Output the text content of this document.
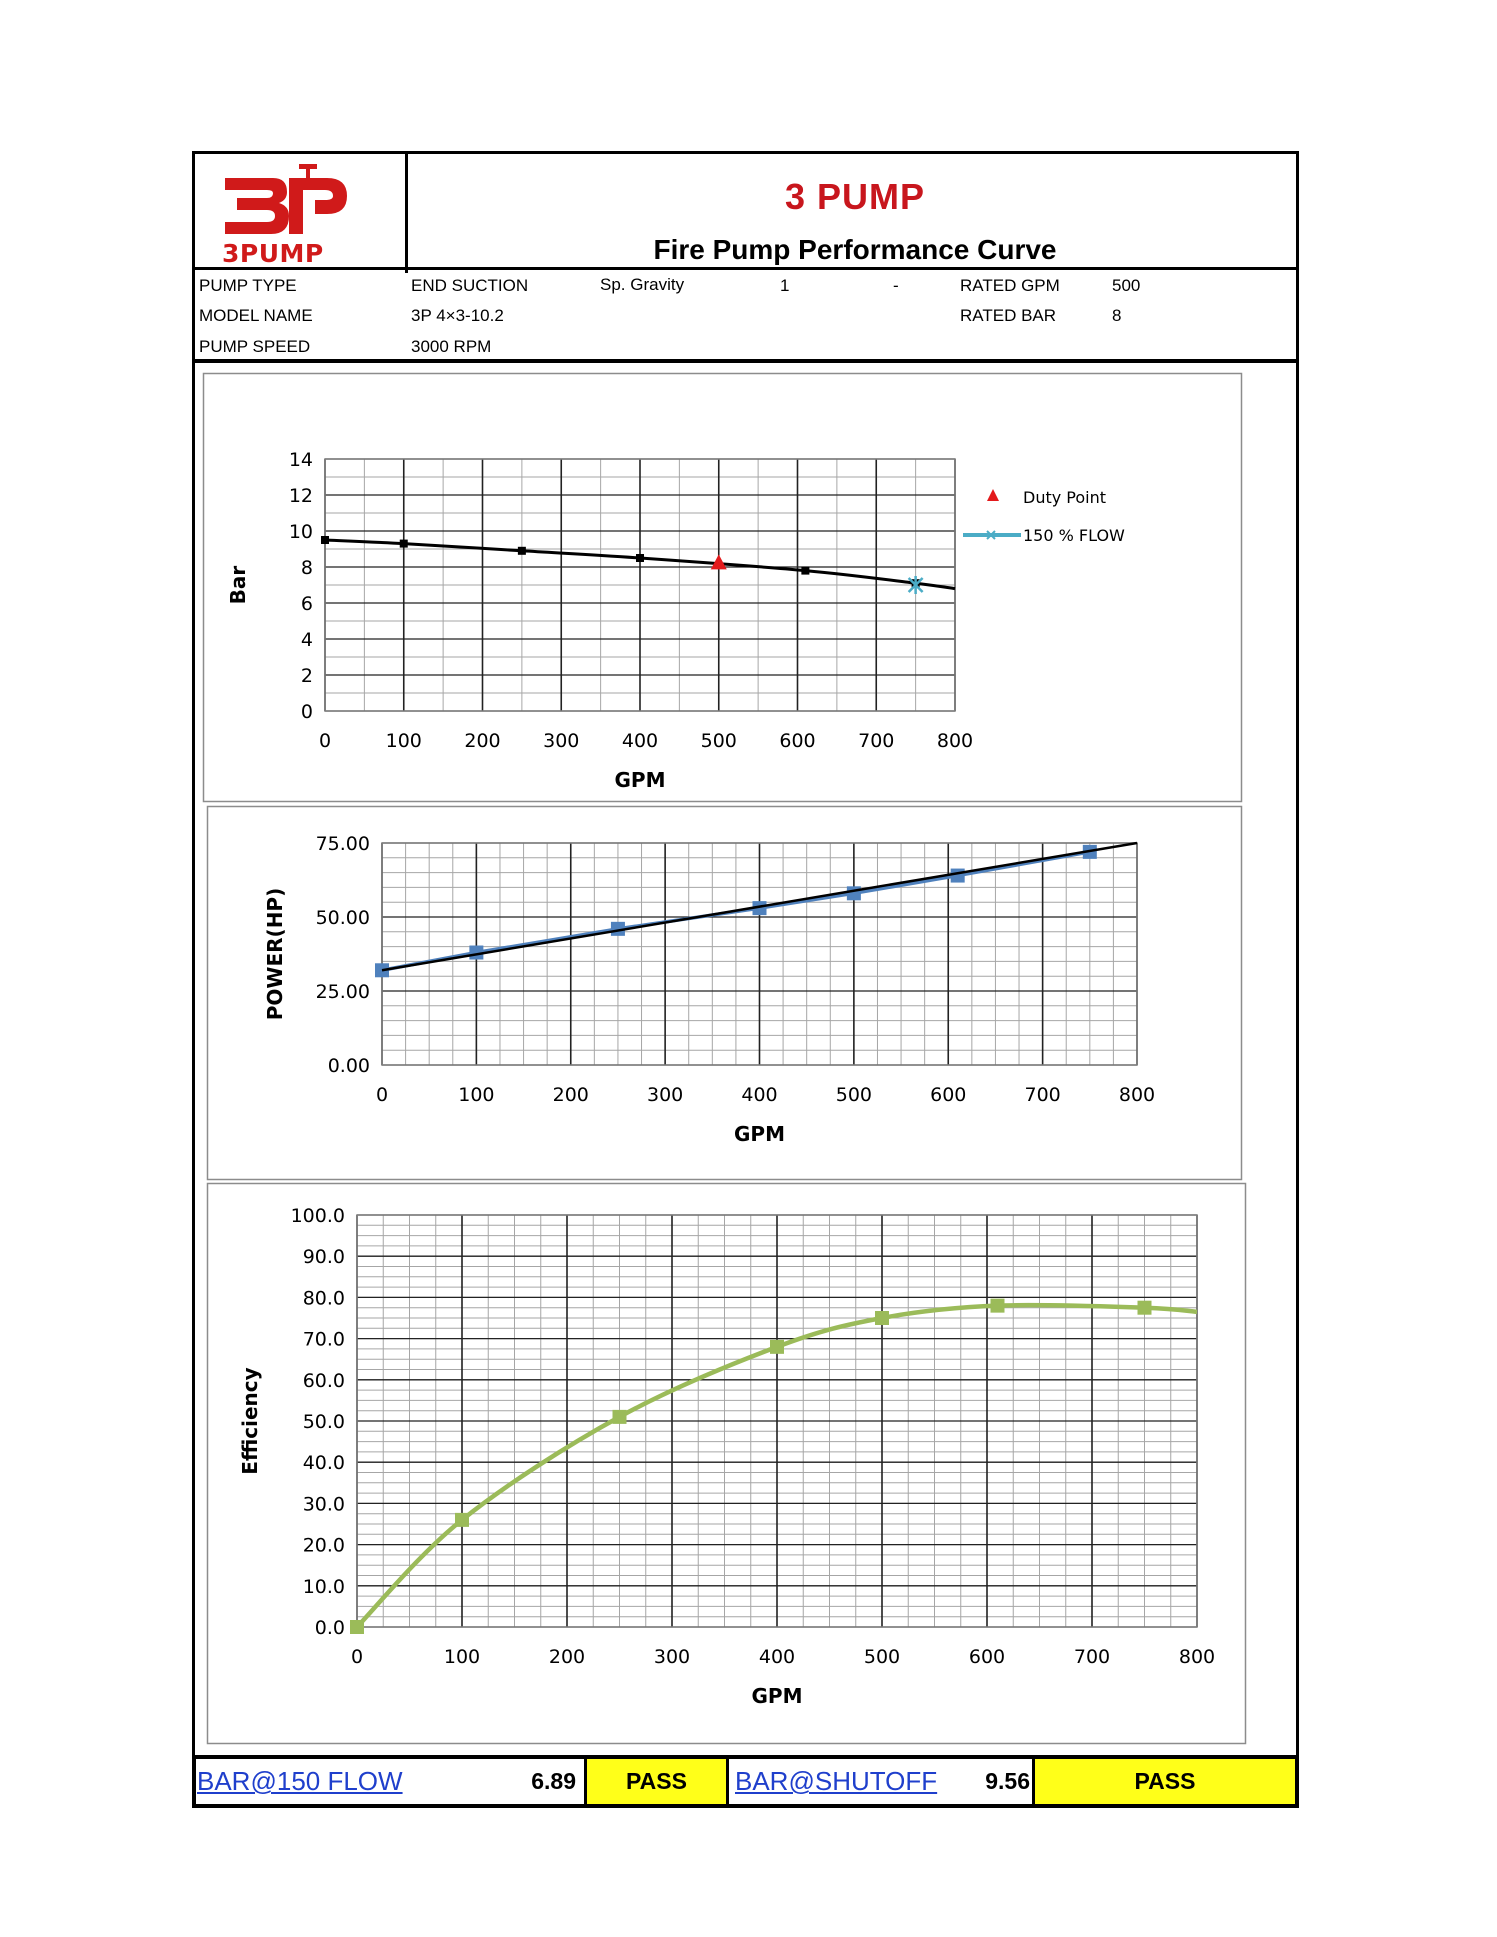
3PUMP
3 PUMP
Fire Pump Performance Curve
PUMP TYPE	END SUCTION	Sp. Gravity	1	-	RATED GPM	500
MODEL NAME	3P 4×3-10.2	RATED BAR	8
PUMP SPEED	3000 RPM
0	100 200 300 400 500 600 700 800
0
2
4
6
8
10
12
14
GPM
Bar
Duty Point
150 % FLOW
0	100	200	300	400	500	600	700	800
0.00
25.00
50.00
75.00
GPM
POWER(HP)
0	100	200	300	400	500	600	700	800
0.0
10.0
20.0
30.0
40.0
50.0
60.0
70.0
80.0
90.0
100.0
GPM
Efficiency
BAR@150 FLOW	6.89	PASS	BAR@SHUTOFF	9.56	PASS
